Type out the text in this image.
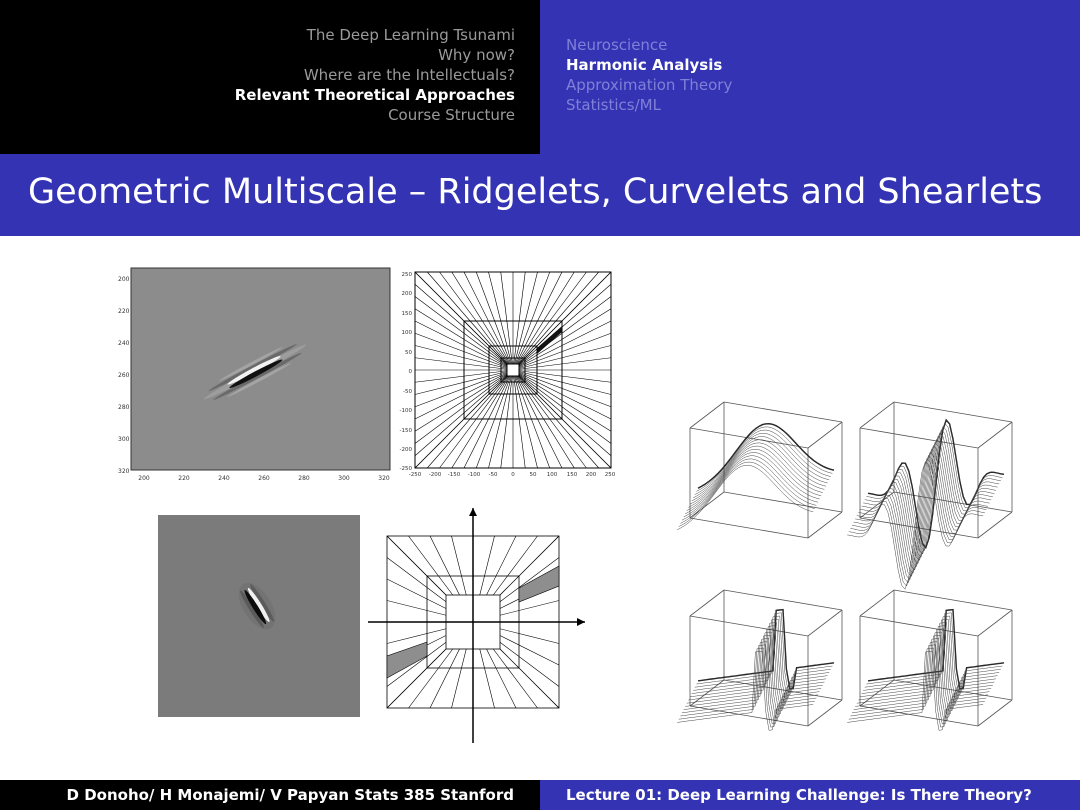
The Deep Learning Tsunami
Why now?
Where are the Intellectuals?
Relevant Theoretical Approaches
Course Structure
Neuroscience
Harmonic Analysis
Approximation Theory
Statistics/ML
Geometric Multiscale – Ridgelets, Curvelets and Shearlets
200
220
240
260
280
300
320
200	220	240	260	280	300	320
250
200
150
100
50
0
-50
-100
-150
-200
-250
-250 -200 -150 -100 -50	0	50 100 150 200 250
D Donoho/ H Monajemi/ V Papyan Stats 385 Stanford	Lecture 01: Deep Learning Challenge: Is There Theory?
